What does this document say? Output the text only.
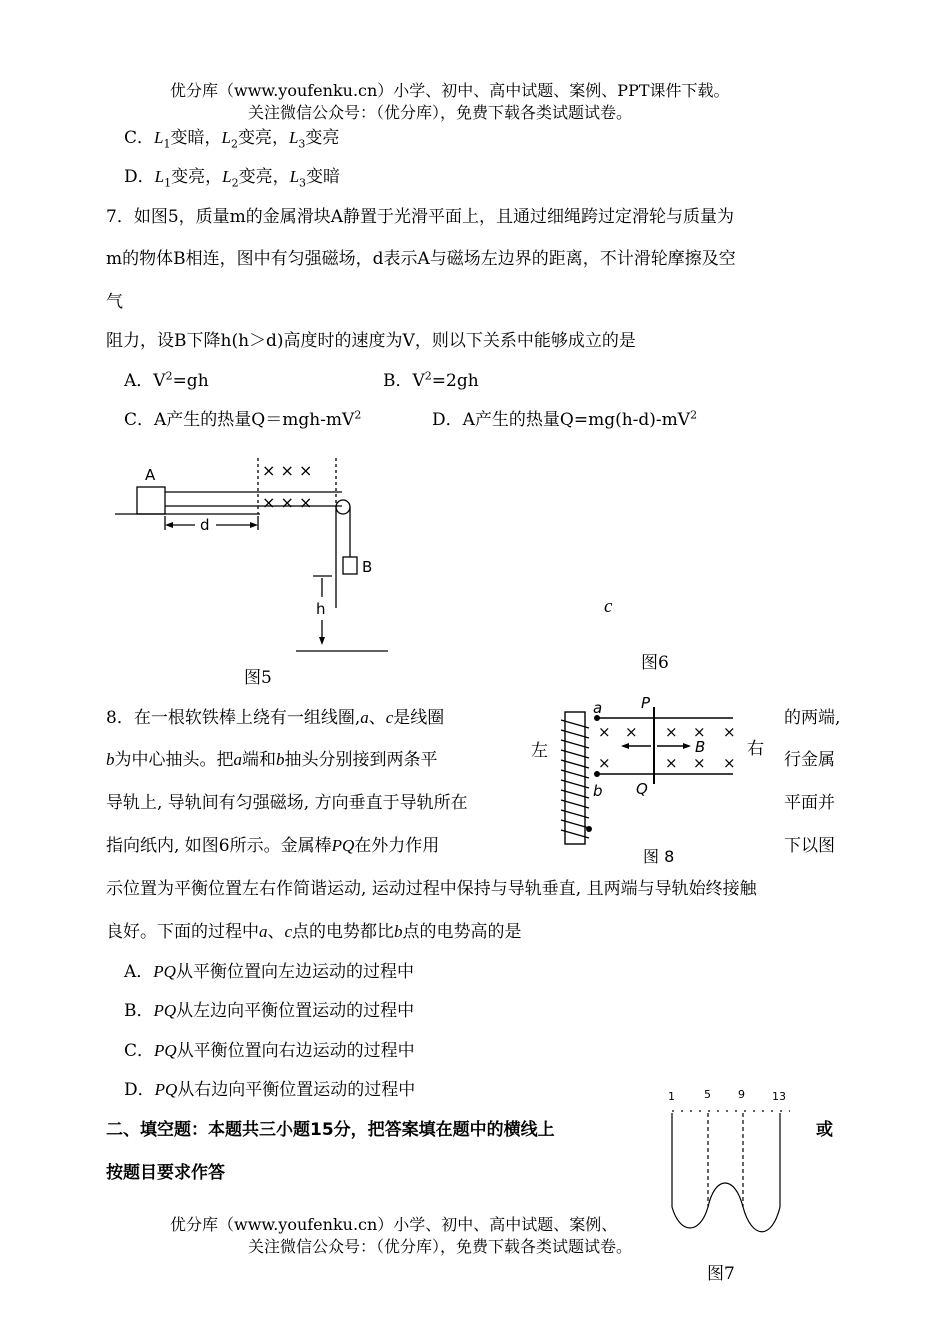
优分库（www.youfenku.cn）小学、初中、高中试题、案例、PPT课件下载。
关注微信公众号：（优分库），免费下载各类试题试卷。
C．$L_1$变暗，$L_2$变亮，$L_3$变亮
D．$L_1$变亮，$L_2$变亮，$L_3$变暗
7．如图5，质量m的金属滑块A静置于光滑平面上，且通过细绳跨过定滑轮与质量为
m的物体B相连，图中有匀强磁场，d表示A与磁场左边界的距离，不计滑轮摩擦及空
气
阻力，设B下降h(h＞d)高度时的速度为V，则以下关系中能够成立的是
A．$V^2=gh$	B．$V^2=2gh$
C．A产生的热量$Q=mgh-mV^2$	D．A产生的热量$Q=mg(h-d)-mV^2$
A
B
d
h
× × ×
× × ×
图5
c
图6
8．在一根软铁棒上绕有一组线圈,a、c是线圈	的两端,
b为中心抽头。把a端和b抽头分别接到两条平	行金属
导轨上, 导轨间有匀强磁场, 方向垂直于导轨所在	平面并
指向纸内, 如图6所示。金属棒PQ在外力作用	下以图
示位置为平衡位置左右作简谐运动, 运动过程中保持与导轨垂直, 且两端与导轨始终接触
良好。下面的过程中a、c点的电势都比b点的电势高的是
A．PQ从平衡位置向左边运动的过程中
B．PQ从左边向平衡位置运动的过程中
C．PQ从平衡位置向右边运动的过程中
D．PQ从右边向平衡位置运动的过程中
左	右
a
b
P
Q
B
× × × × ×
×	× × ×
图 8
二、填空题：本题共三小题15分，把答案填在题中的横线上	或
按题目要求作答
1	5 9 13
图7
优分库（www.youfenku.cn）小学、初中、高中试题、案例、
关注微信公众号：（优分库），免费下载各类试题试卷。
